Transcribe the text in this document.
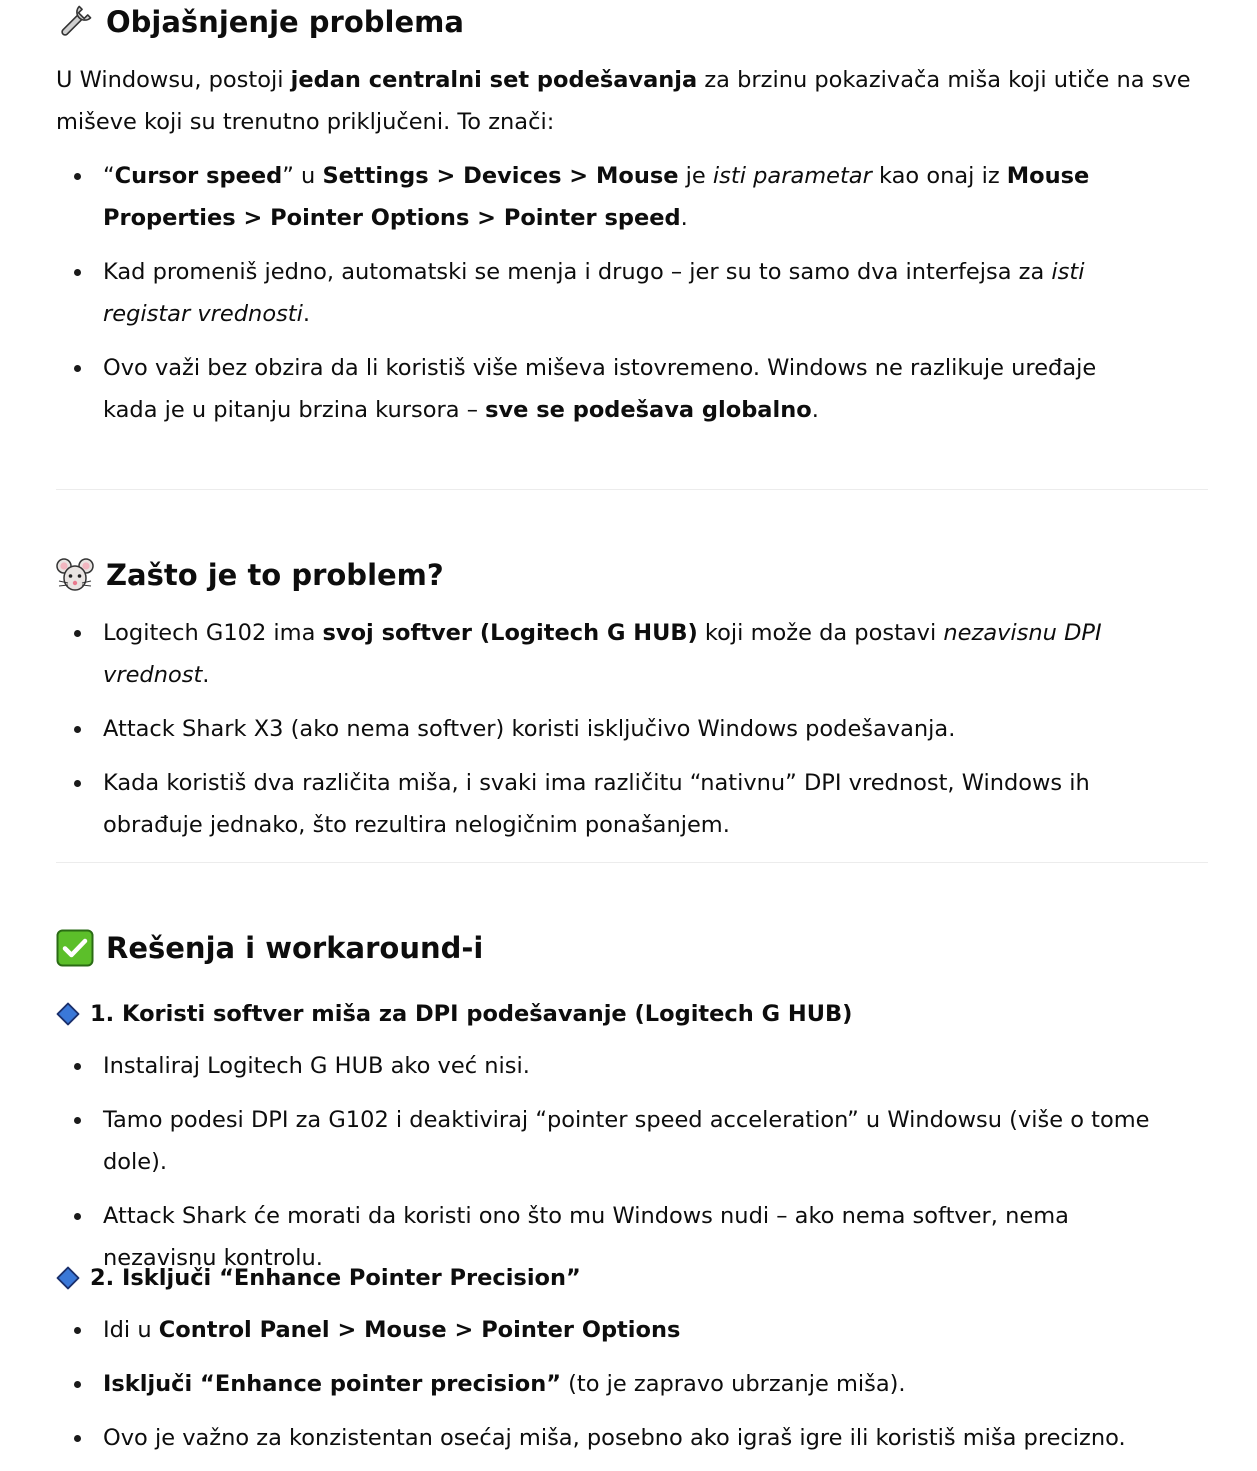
Objašnjenje problema

U Windowsu, postoji jedan centralni set podešavanja za brzinu pokazivača miša koji utiče na sve miševe koji su trenutno priključeni. To znači:

“Cursor speed” u Settings > Devices > Mouse je isti parametar kao onaj iz Mouse Properties > Pointer Options > Pointer speed.
Kad promeniš jedno, automatski se menja i drugo – jer su to samo dva interfejsa za isti registar vrednosti.
Ovo važi bez obzira da li koristiš više miševa istovremeno. Windows ne razlikuje uređaje kada je u pitanju brzina kursora – sve se podešava globalno.
Zašto je to problem?
Logitech G102 ima svoj softver (Logitech G HUB) koji može da postavi nezavisnu DPI vrednost.
Attack Shark X3 (ako nema softver) koristi isključivo Windows podešavanja.
Kada koristiš dva različita miša, i svaki ima različitu “nativnu” DPI vrednost, Windows ih obrađuje jednako, što rezultira nelogičnim ponašanjem.
Rešenja i workaround-i
1. Koristi softver miša za DPI podešavanje (Logitech G HUB)
Instaliraj Logitech G HUB ako već nisi.
Tamo podesi DPI za G102 i deaktiviraj “pointer speed acceleration” u Windowsu (više o tome dole).
Attack Shark će morati da koristi ono što mu Windows nudi – ako nema softver, nema nezavisnu kontrolu.
2. Isključi “Enhance Pointer Precision”
Idi u Control Panel > Mouse > Pointer Options
Isključi “Enhance pointer precision” (to je zapravo ubrzanje miša).
Ovo je važno za konzistentan osećaj miša, posebno ako igraš igre ili koristiš miša precizno.
